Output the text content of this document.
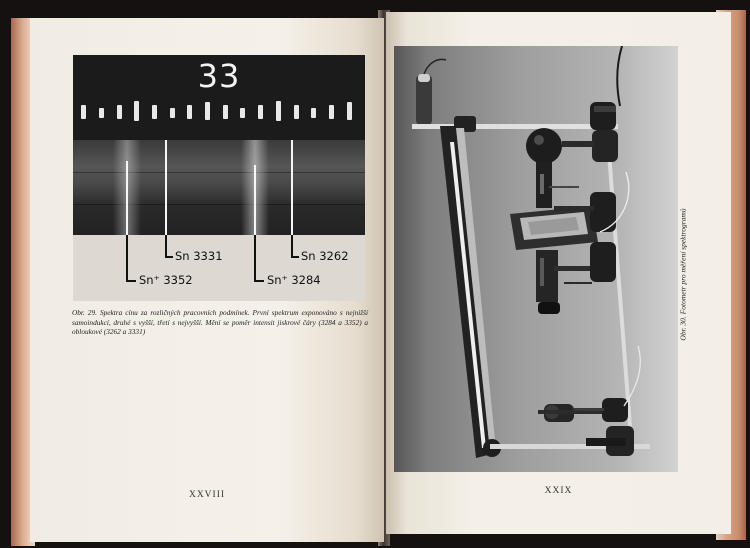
33
Sn 3331	Sn 3262
Sn⁺ 3352	Sn⁺ 3284
Obr. 29. Spektra cínu za rozličných pracovních podmínek. První spektrum exponováno s nejnižší samoindukcí, druhé s vyšší, třetí s nejvyšší. Mění se poměr intensit jiskrové čáry (3284 a 3352) a obloukové (3262 a 3331)
XXVIII
Obr. 30. Fotometr pro měření spektrogramů
XXIX
